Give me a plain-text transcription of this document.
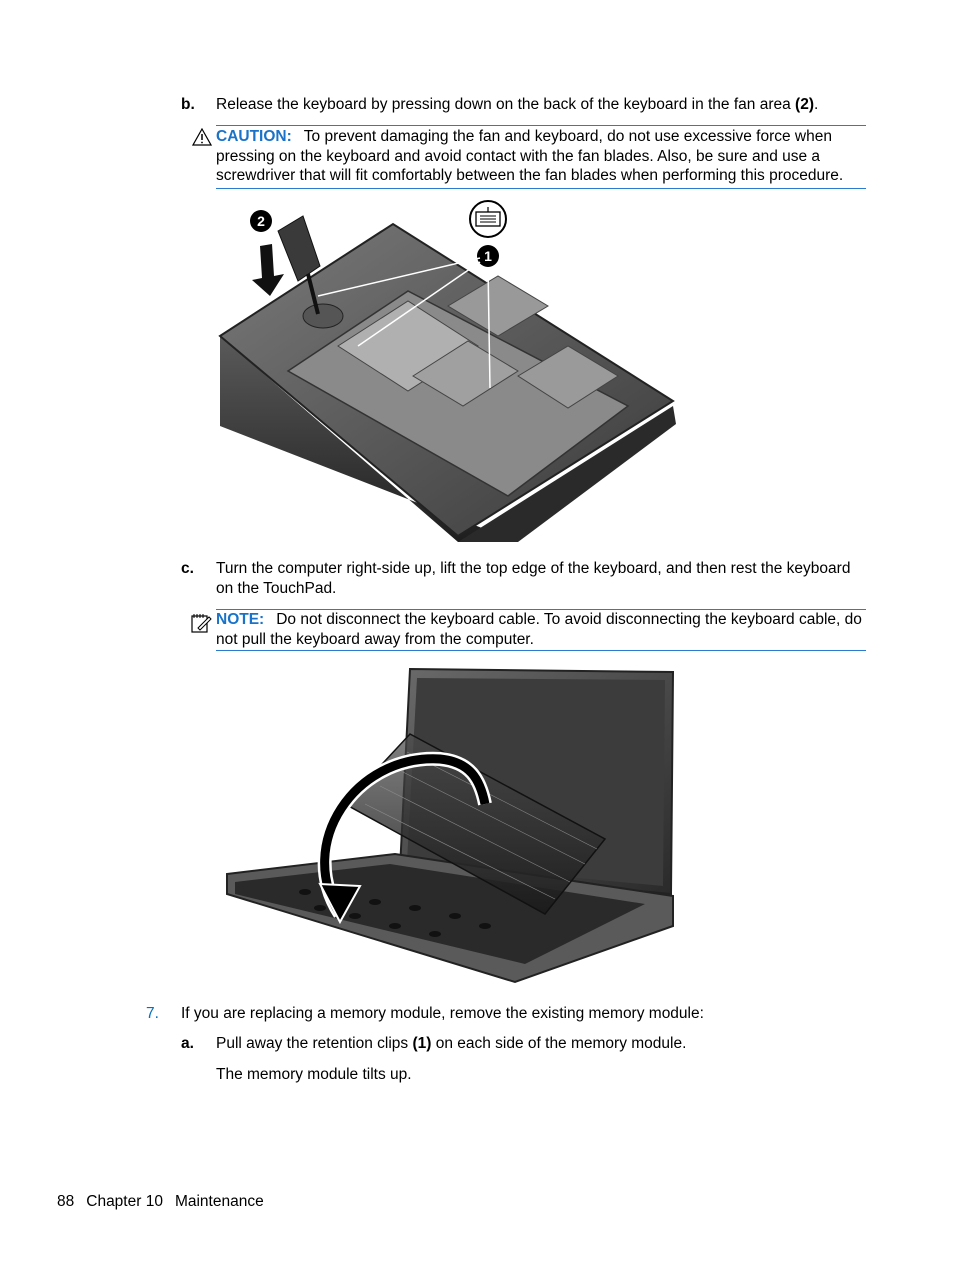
b. Release the keyboard by pressing down on the back of the keyboard in the fan area (2).
CAUTION: To prevent damaging the fan and keyboard, do not use excessive force when pressing on the keyboard and avoid contact with the fan blades. Also, be sure and use a screwdriver that will fit comfortably between the fan blades when performing this procedure.
2
1
c. Turn the computer right-side up, lift the top edge of the keyboard, and then rest the keyboard on the TouchPad.
NOTE: Do not disconnect the keyboard cable. To avoid disconnecting the keyboard cable, do not pull the keyboard away from the computer.
7. If you are replacing a memory module, remove the existing memory module:
a. Pull away the retention clips (1) on each side of the memory module.
The memory module tilts up.
88 Chapter 10 Maintenance
